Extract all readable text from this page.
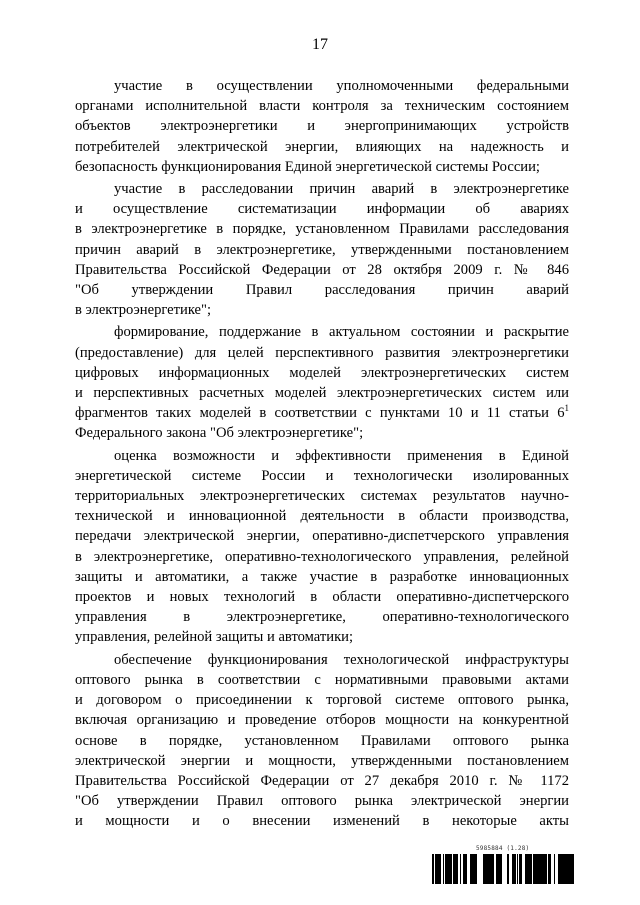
17
участие в осуществлении уполномоченными федеральными
органами исполнительной власти контроля за техническим состоянием
объектов электроэнергетики и энергопринимающих устройств
потребителей электрической энергии, влияющих на надежность и
безопасность функционирования Единой энергетической системы России;
участие в расследовании причин аварий в электроэнергетике
и осуществление систематизации информации об авариях
в электроэнергетике в порядке, установленном Правилами расследования
причин аварий в электроэнергетике, утвержденными постановлением
Правительства Российской Федерации от 28 октября 2009 г. № 846
"Об утверждении Правил расследования причин аварий
в электроэнергетике";
формирование, поддержание в актуальном состоянии и раскрытие
(предоставление) для целей перспективного развития электроэнергетики
цифровых информационных моделей электроэнергетических систем
и перспективных расчетных моделей электроэнергетических систем или
фрагментов таких моделей в соответствии с пунктами 10 и 11 статьи $6^1$
Федерального закона "Об электроэнергетике";
оценка возможности и эффективности применения в Единой
энергетической системе России и технологически изолированных
территориальных электроэнергетических системах результатов научно-
технической и инновационной деятельности в области производства,
передачи электрической энергии, оперативно-диспетчерского управления
в электроэнергетике, оперативно-технологического управления, релейной
защиты и автоматики, а также участие в разработке инновационных
проектов и новых технологий в области оперативно-диспетчерского
управления в электроэнергетике, оперативно-технологического
управления, релейной защиты и автоматики;
обеспечение функционирования технологической инфраструктуры
оптового рынка в соответствии с нормативными правовыми актами
и договором о присоединении к торговой системе оптового рынка,
включая организацию и проведение отборов мощности на конкурентной
основе в порядке, установленном Правилами оптового рынка
электрической энергии и мощности, утвержденными постановлением
Правительства Российской Федерации от 27 декабря 2010 г. № 1172
"Об утверждении Правил оптового рынка электрической энергии
и мощности и о внесении изменений в некоторые акты
5985884 (1.28)
